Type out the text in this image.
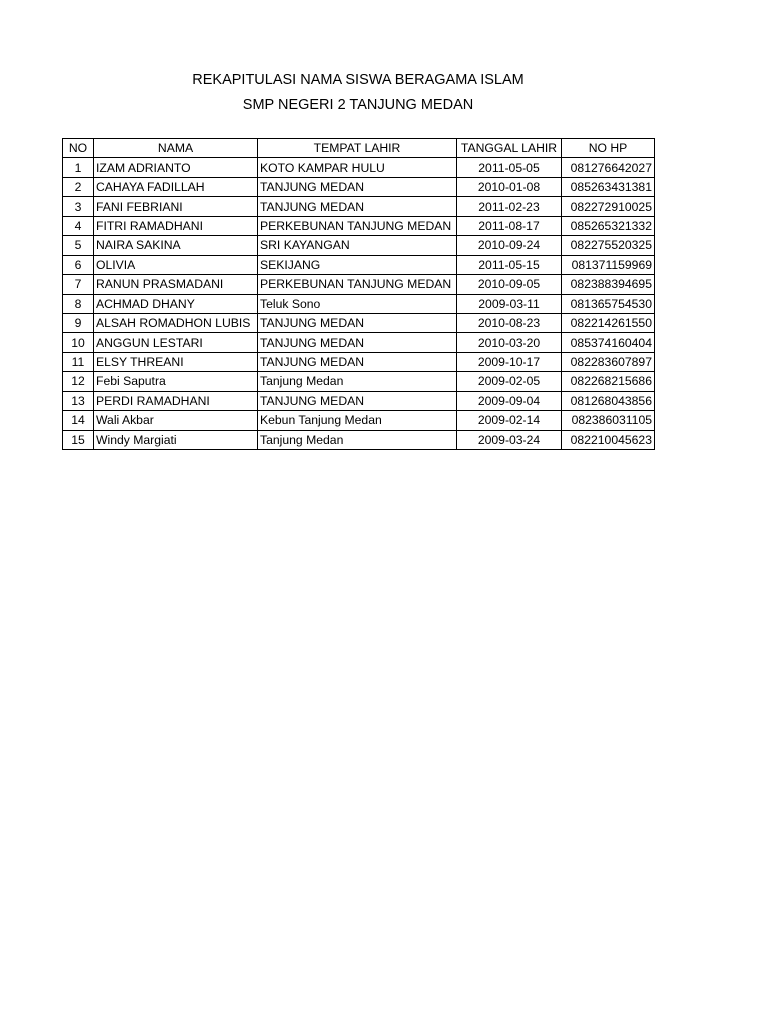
REKAPITULASI NAMA SISWA BERAGAMA ISLAM
SMP NEGERI 2 TANJUNG MEDAN
NO	NAMA	TEMPAT LAHIR	TANGGAL LAHIR	NO HP
1	IZAM ADRIANTO	KOTO KAMPAR HULU	2011-05-05	081276642027
2	CAHAYA FADILLAH	TANJUNG MEDAN	2010-01-08	085263431381
3	FANI FEBRIANI	TANJUNG MEDAN	2011-02-23	082272910025
4	FITRI RAMADHANI	PERKEBUNAN TANJUNG MEDAN	2011-08-17	085265321332
5	NAIRA SAKINA	SRI KAYANGAN	2010-09-24	082275520325
6	OLIVIA	SEKIJANG	2011-05-15	081371159969
7	RANUN PRASMADANI	PERKEBUNAN TANJUNG MEDAN	2010-09-05	082388394695
8	ACHMAD DHANY	Teluk Sono	2009-03-11	081365754530
9	ALSAH ROMADHON LUBIS	TANJUNG MEDAN	2010-08-23	082214261550
10	ANGGUN LESTARI	TANJUNG MEDAN	2010-03-20	085374160404
11	ELSY THREANI	TANJUNG MEDAN	2009-10-17	082283607897
12	Febi Saputra	Tanjung Medan	2009-02-05	082268215686
13	PERDI RAMADHANI	TANJUNG MEDAN	2009-09-04	081268043856
14	Wali Akbar	Kebun Tanjung Medan	2009-02-14	082386031105
15	Windy Margiati	Tanjung Medan	2009-03-24	082210045623
